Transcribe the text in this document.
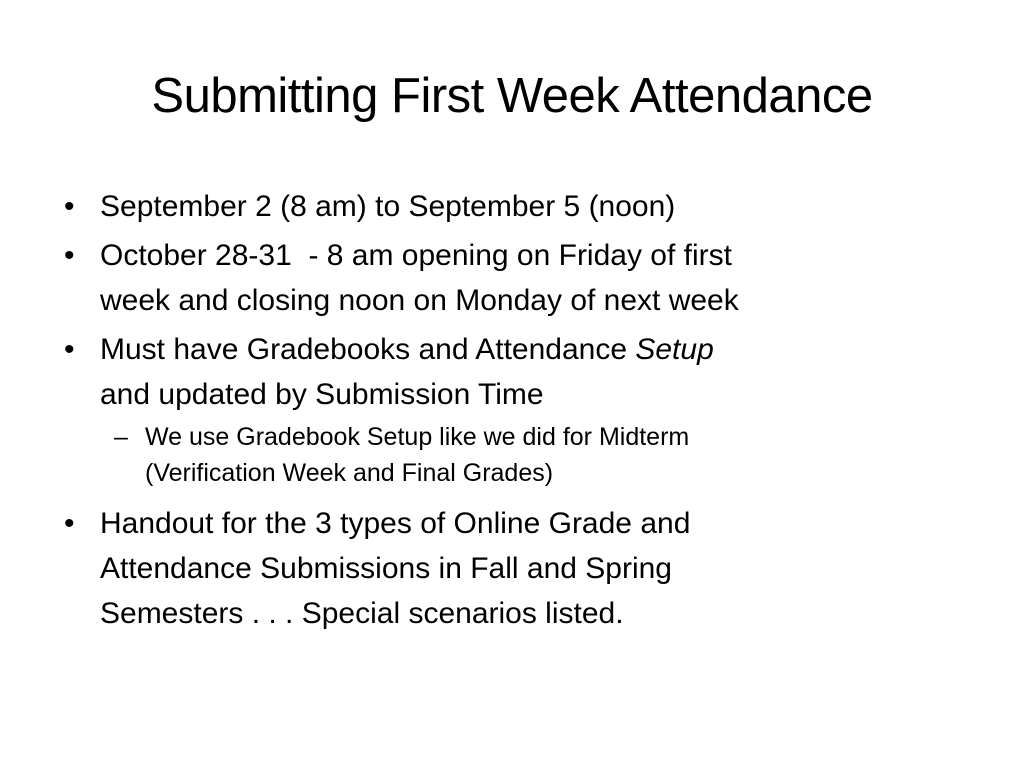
Submitting First Week Attendance
• September 2 (8 am) to September 5 (noon)
• October 28-31  - 8 am opening on Friday of first
week and closing noon on Monday of next week
• Must have Gradebooks and Attendance Setup
and updated by Submission Time
– We use Gradebook Setup like we did for Midterm
(Verification Week and Final Grades)
• Handout for the 3 types of Online Grade and
Attendance Submissions in Fall and Spring
Semesters . . . Special scenarios listed.
